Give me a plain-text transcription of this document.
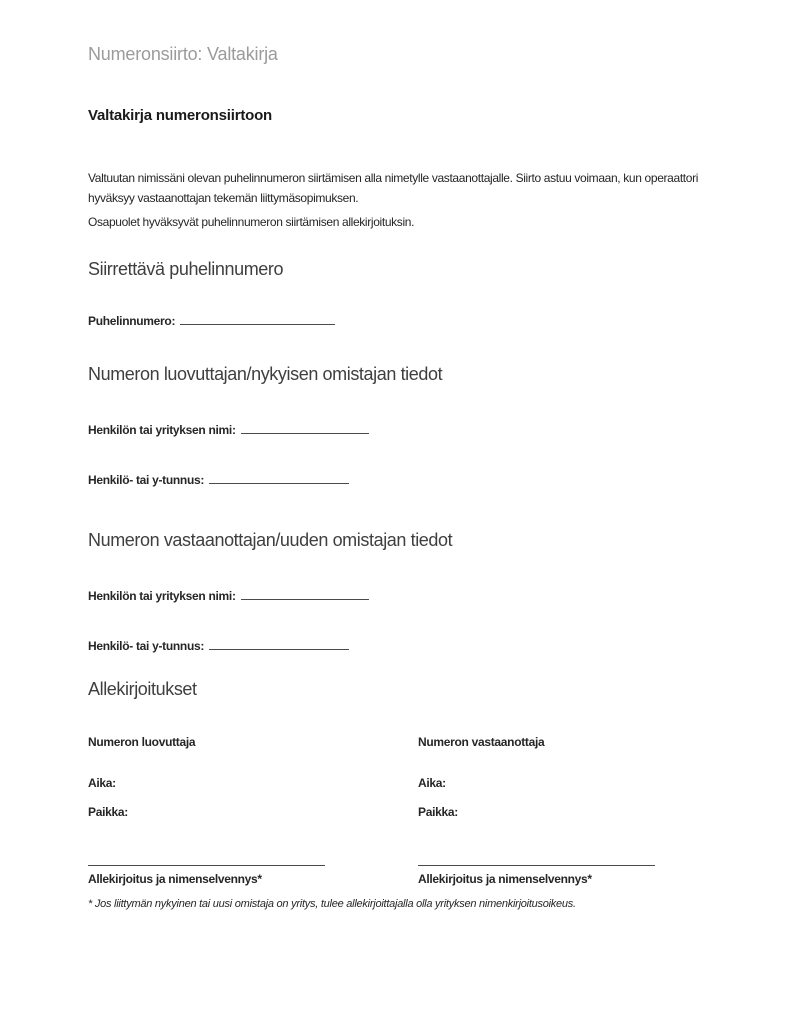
Numeronsiirto: Valtakirja
Valtakirja numeronsiirtoon

Valtuutan nimissäni olevan puhelinnumeron siirtämisen alla nimetylle vastaanottajalle. Siirto astuu voimaan, kun operaattori hyväksyy vastaanottajan tekemän liittymäsopimuksen.

Osapuolet hyväksyvät puhelinnumeron siirtämisen allekirjoituksin.

Siirrettävä puhelinnumero
Puhelinnumero:
Numeron luovuttajan/nykyisen omistajan tiedot
Henkilön tai yrityksen nimi:
Henkilö- tai y-tunnus:
Numeron vastaanottajan/uuden omistajan tiedot
Henkilön tai yrityksen nimi:
Henkilö- tai y-tunnus:
Allekirjoitukset
Numeron luovuttaja
Aika:
Paikka:
Allekirjoitus ja nimenselvennys*
Numeron vastaanottaja
Aika:
Paikka:
Allekirjoitus ja nimenselvennys*
* Jos liittymän nykyinen tai uusi omistaja on yritys, tulee allekirjoittajalla olla yrityksen nimenkirjoitusoikeus.
